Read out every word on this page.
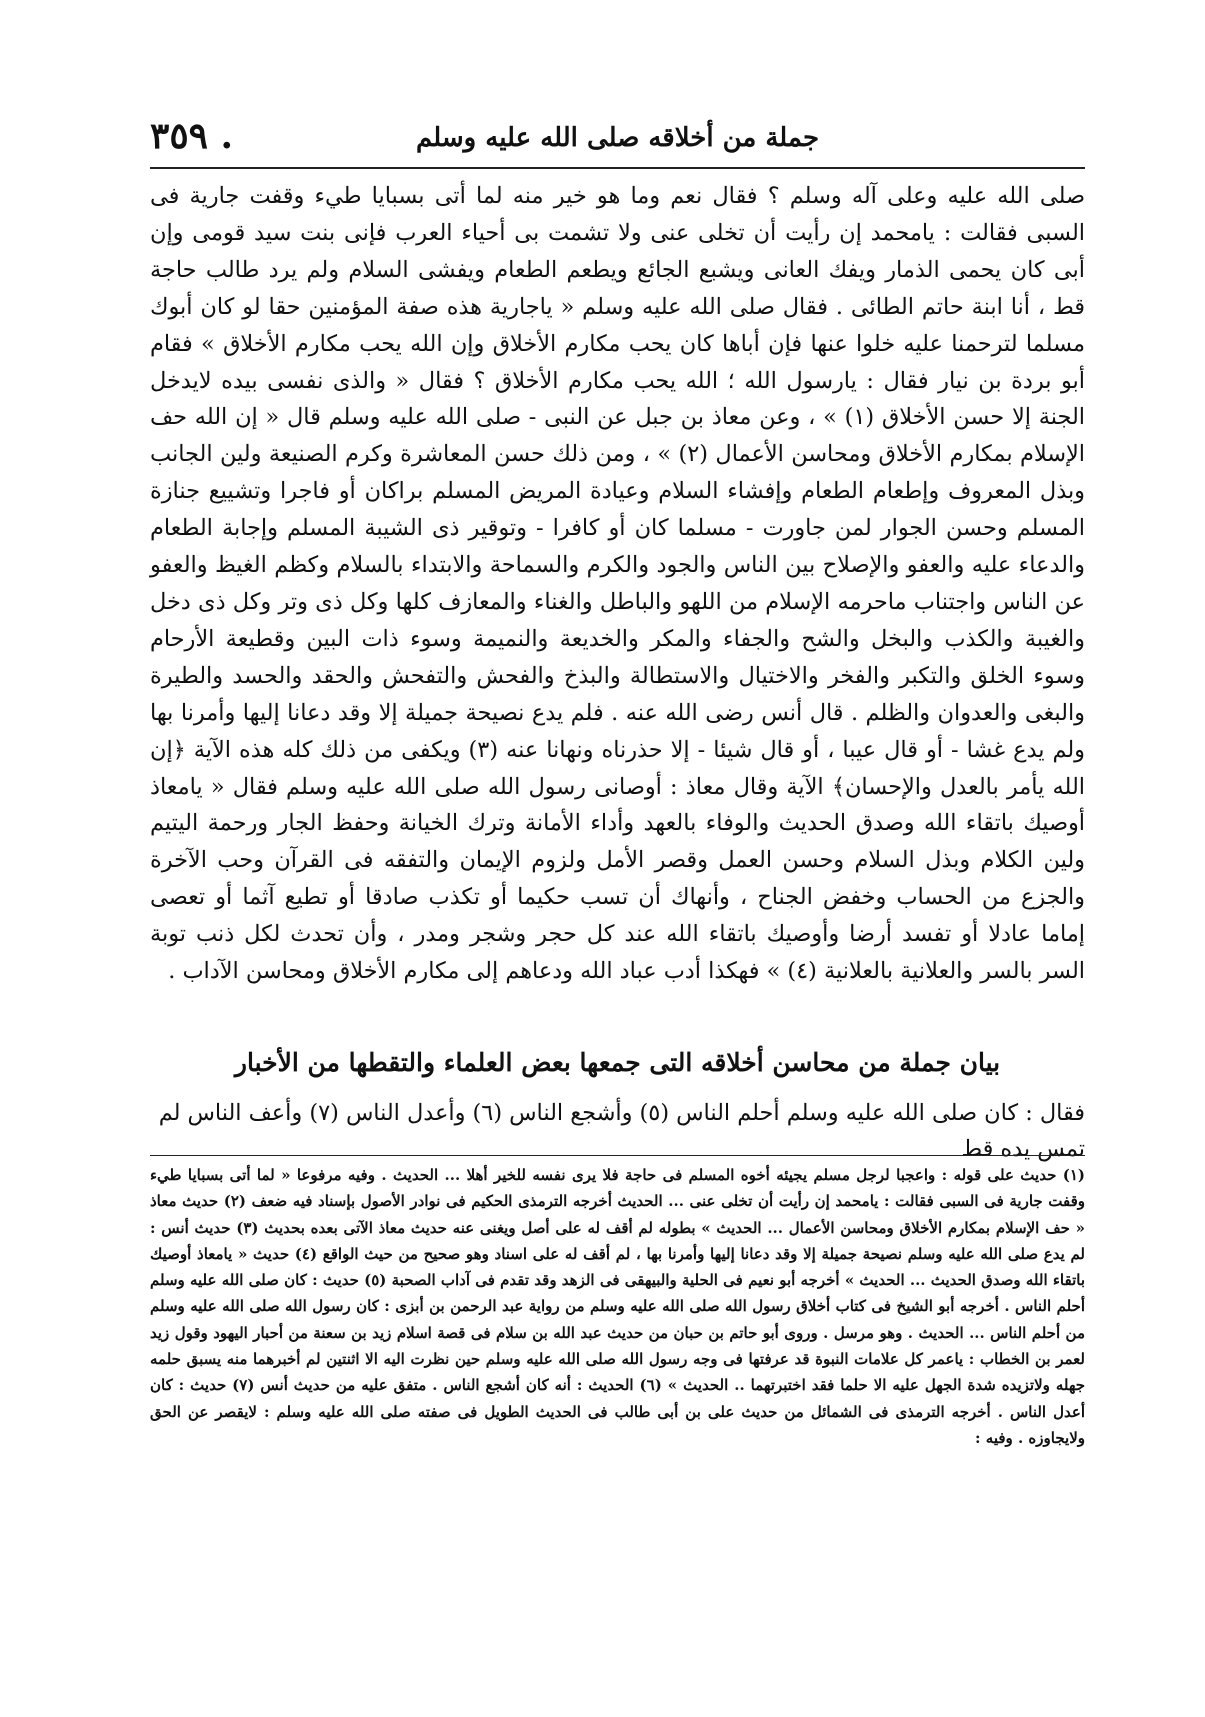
جملة من أخلاقه صلى الله عليه وسلم
٣٥٩ .

صلى الله عليه وعلى آله وسلم ؟ فقال نعم وما هو خير منه لما أتى بسبايا طيء وقفت جارية فى السبى فقالت : يامحمد إن رأيت أن تخلى عنى ولا تشمت بى أحياء العرب فإنى بنت سيد قومى وإن أبى كان يحمى الذمار ويفك العانى ويشبع الجائع ويطعم الطعام ويفشى السلام ولم يرد طالب حاجة قط ، أنا ابنة حاتم الطائى . فقال صلى الله عليه وسلم « ياجارية هذه صفة المؤمنين حقا لو كان أبوك مسلما لترحمنا عليه خلوا عنها فإن أباها كان يحب مكارم الأخلاق وإن الله يحب مكارم الأخلاق » فقام أبو بردة بن نيار فقال : يارسول الله ؛ الله يحب مكارم الأخلاق ؟ فقال « والذى نفسى بيده لايدخل الجنة إلا حسن الأخلاق (١) » ، وعن معاذ بن جبل عن النبى - صلى الله عليه وسلم قال « إن الله حف الإسلام بمكارم الأخلاق ومحاسن الأعمال (٢) » ، ومن ذلك حسن المعاشرة وكرم الصنيعة ولين الجانب وبذل المعروف وإطعام الطعام وإفشاء السلام وعيادة المريض المسلم براكان أو فاجرا وتشييع جنازة المسلم وحسن الجوار لمن جاورت - مسلما كان أو كافرا - وتوقير ذى الشيبة المسلم وإجابة الطعام والدعاء عليه والعفو والإصلاح بين الناس والجود والكرم والسماحة والابتداء بالسلام وكظم الغيظ والعفو عن الناس واجتناب ماحرمه الإسلام من اللهو والباطل والغناء والمعازف كلها وكل ذى وتر وكل ذى دخل والغيبة والكذب والبخل والشح والجفاء والمكر والخديعة والنميمة وسوء ذات البين وقطيعة الأرحام وسوء الخلق والتكبر والفخر والاختيال والاستطالة والبذخ والفحش والتفحش والحقد والحسد والطيرة والبغى والعدوان والظلم . قال أنس رضى الله عنه . فلم يدع نصيحة جميلة إلا وقد دعانا إليها وأمرنا بها ولم يدع غشا - أو قال عيبا ، أو قال شيئا - إلا حذرناه ونهانا عنه (٣) ويكفى من ذلك كله هذه الآية ﴿إن الله يأمر بالعدل والإحسان﴾ الآية وقال معاذ : أوصانى رسول الله صلى الله عليه وسلم فقال « يامعاذ أوصيك باتقاء الله وصدق الحديث والوفاء بالعهد وأداء الأمانة وترك الخيانة وحفظ الجار ورحمة اليتيم ولين الكلام وبذل السلام وحسن العمل وقصر الأمل ولزوم الإيمان والتفقه فى القرآن وحب الآخرة والجزع من الحساب وخفض الجناح ، وأنهاك أن تسب حكيما أو تكذب صادقا أو تطيع آثما أو تعصى إماما عادلا أو تفسد أرضا وأوصيك باتقاء الله عند كل حجر وشجر ومدر ، وأن تحدث لكل ذنب توبة السر بالسر والعلانية بالعلانية (٤) » فهكذا أدب عباد الله ودعاهم إلى مكارم الأخلاق ومحاسن الآداب .

بيان جملة من محاسن أخلاقه التى جمعها بعض العلماء والتقطها من الأخبار

فقال : كان صلى الله عليه وسلم أحلم الناس (٥) وأشجع الناس (٦) وأعدل الناس (٧) وأعف الناس لم تمس يده قط

(١) حديث على قوله : واعجبا لرجل مسلم يجيئه أخوه المسلم فى حاجة فلا يرى نفسه للخير أهلا ... الحديث . وفيه مرفوعا « لما أتى بسبايا طيء وقفت جارية فى السبى فقالت : يامحمد إن رأيت أن تخلى عنى ... الحديث أخرجه الترمذى الحكيم فى نوادر الأصول بإسناد فيه ضعف (٢) حديث معاذ « حف الإسلام بمكارم الأخلاق ومحاسن الأعمال ... الحديث » بطوله لم أقف له على أصل ويغنى عنه حديث معاذ الآتى بعده بحديث (٣) حديث أنس : لم يدع صلى الله عليه وسلم نصيحة جميلة إلا وقد دعانا إليها وأمرنا بها ، لم أقف له على اسناد وهو صحيح من حيث الواقع (٤) حديث « يامعاذ أوصيك باتقاء الله وصدق الحديث ... الحديث » أخرجه أبو نعيم فى الحلية والبيهقى فى الزهد وقد تقدم فى آداب الصحبة (٥) حديث : كان صلى الله عليه وسلم أحلم الناس . أخرجه أبو الشيخ فى كتاب أخلاق رسول الله صلى الله عليه وسلم من رواية عبد الرحمن بن أبزى : كان رسول الله صلى الله عليه وسلم من أحلم الناس ... الحديث . وهو مرسل . وروى أبو حاتم بن حبان من حديث عبد الله بن سلام فى قصة اسلام زيد بن سعنة من أحبار اليهود وقول زيد لعمر بن الخطاب : ياعمر كل علامات النبوة قد عرفتها فى وجه رسول الله صلى الله عليه وسلم حين نظرت اليه الا اثنتين لم أخبرهما منه يسبق حلمه جهله ولاتزيده شدة الجهل عليه الا حلما فقد اختبرتهما .. الحديث » (٦) الحديث : أنه كان أشجع الناس . متفق عليه من حديث أنس (٧) حديث : كان أعدل الناس . أخرجه الترمذى فى الشمائل من حديث على بن أبى طالب فى الحديث الطويل فى صفته صلى الله عليه وسلم : لايقصر عن الحق ولايجاوزه . وفيه :
